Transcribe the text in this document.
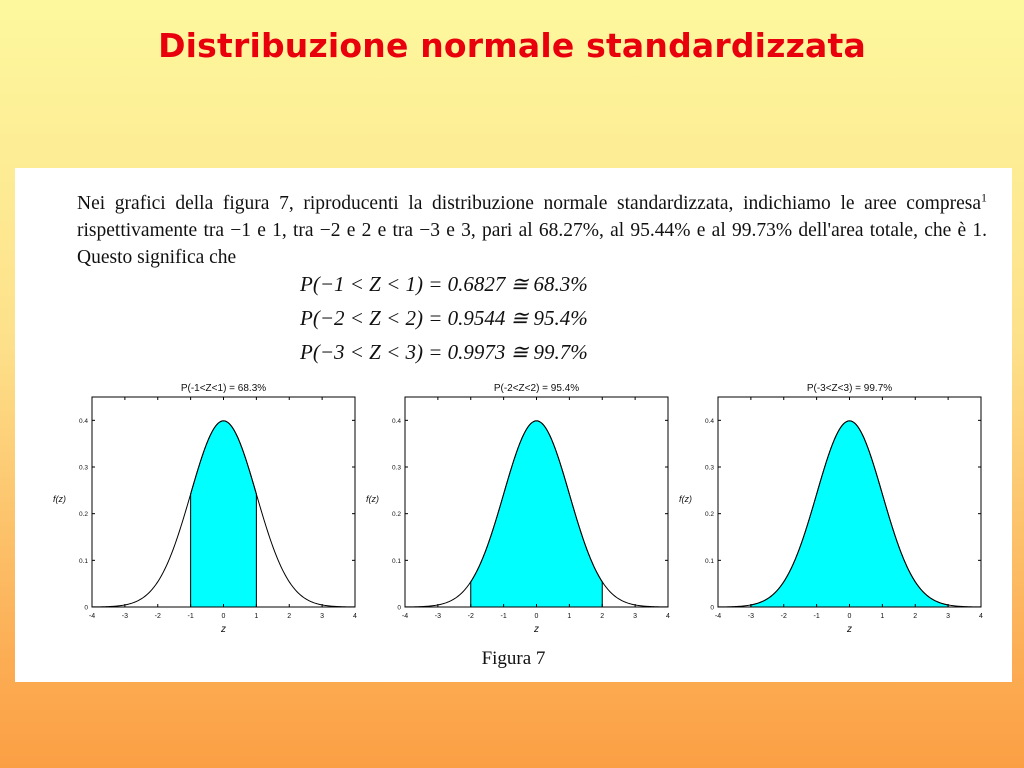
Distribuzione normale standardizzata
Nei grafici della figura 7, riproducenti la distribuzione normale standardizzata, indichiamo le aree compresa$^1$ rispettivamente tra −1 e 1, tra −2 e 2 e tra −3 e 3, pari al 68.27%, al 95.44% e al 99.73% dell'area totale, che è 1. Questo significa che
P(−1 < Z < 1) = 0.6827 ≅ 68.3%
P(−2 < Z < 2) = 0.9544 ≅ 95.4%
P(−3 < Z < 3) = 0.9973 ≅ 99.7%
P(-1<Z<1) = 68.3%
-4	-3	-2	-1	0	1	2	3	4
0
0.1
0.2
0.3
0.4
z
f(z)
P(-2<Z<2) = 95.4%
-4	-3	-2	-1	0	1	2	3	4
0
0.1
0.2
0.3
0.4
z
f(z)
P(-3<Z<3) = 99.7%
-4	-3	-2	-1	0	1	2	3	4
0
0.1
0.2
0.3
0.4
z
f(z)
Figura 7
